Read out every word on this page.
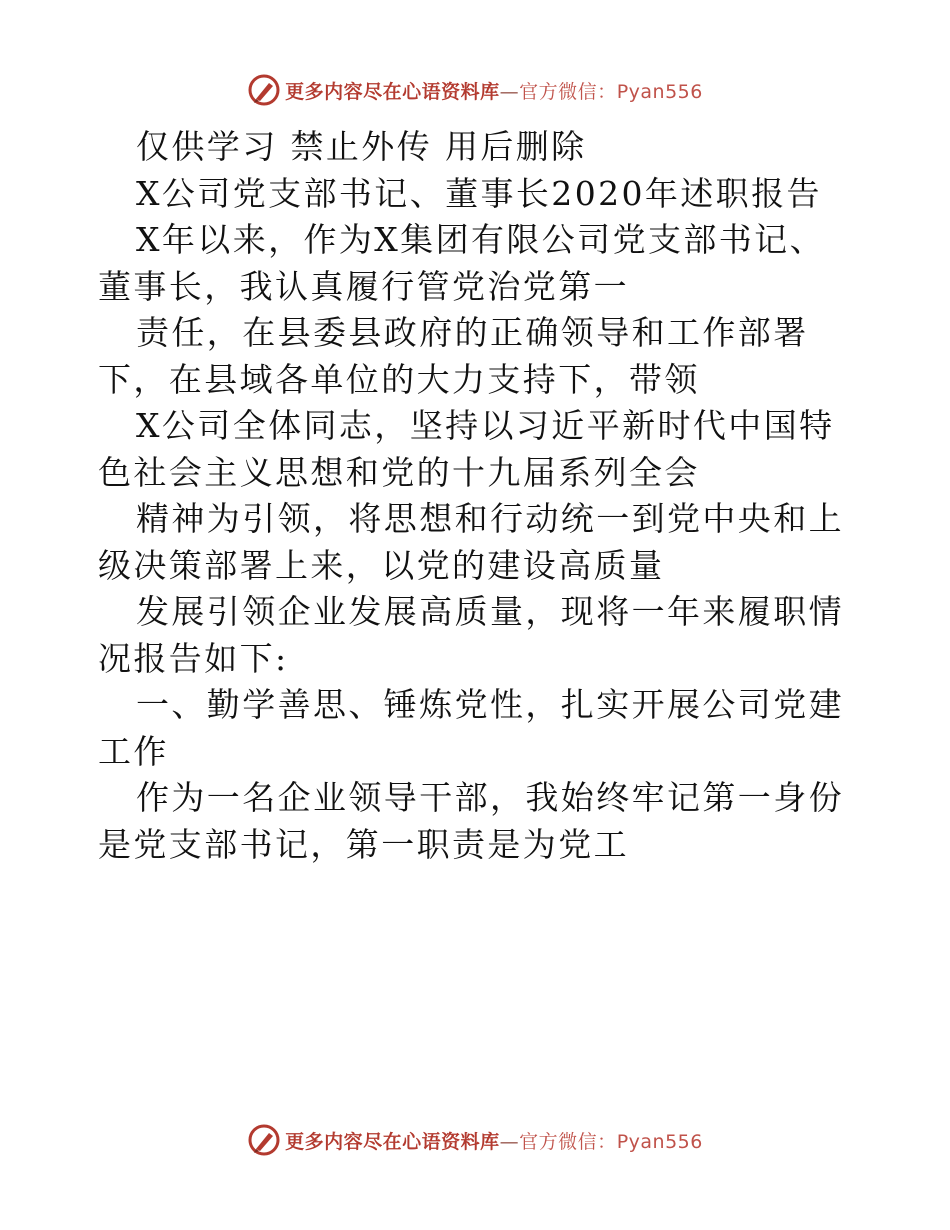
更多内容尽在心语资料库—官方微信：Pyan556

仅供学习 禁止外传 用后删除

X公司党支部书记、董事长2020年述职报告

X年以来，作为X集团有限公司党支部书记、董事长，我认真履行管党治党第一

责任，在县委县政府的正确领导和工作部署下，在县域各单位的大力支持下，带领

X公司全体同志，坚持以习近平新时代中国特色社会主义思想和党的十九届系列全会

精神为引领，将思想和行动统一到党中央和上级决策部署上来，以党的建设高质量

发展引领企业发展高质量，现将一年来履职情况报告如下:

一、勤学善思、锤炼党性，扎实开展公司党建工作

作为一名企业领导干部，我始终牢记第一身份是党支部书记，第一职责是为党工

更多内容尽在心语资料库—官方微信：Pyan556
